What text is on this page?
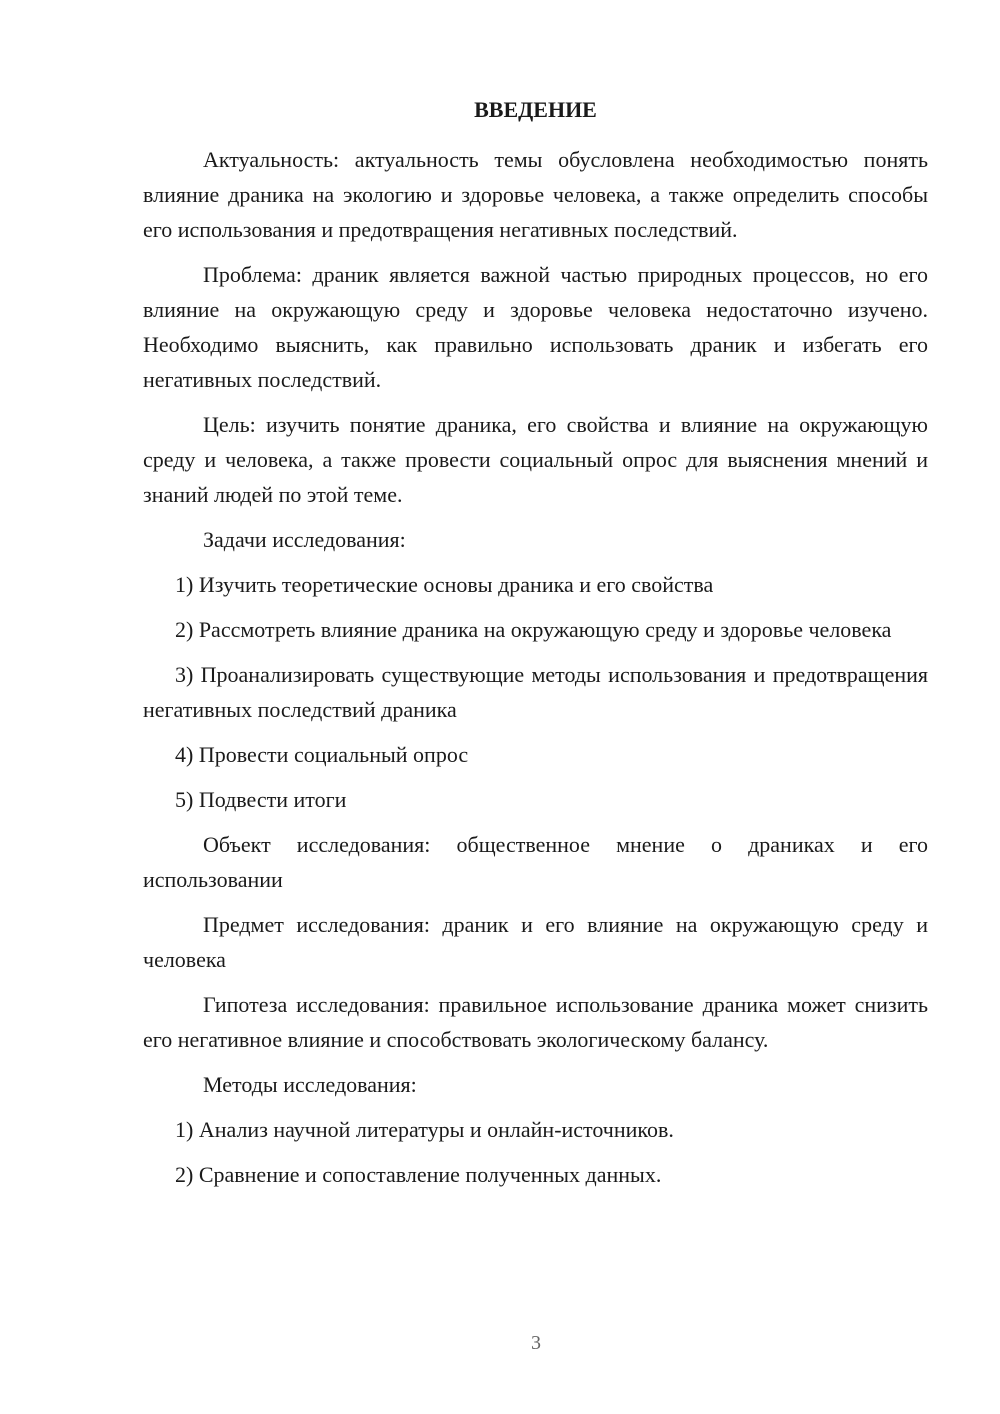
ВВЕДЕНИЕ

Актуальность: актуальность темы обусловлена необходимостью понять влияние драника на экологию и здоровье человека, а также определить способы его использования и предотвращения негативных последствий.

Проблема: драник является важной частью природных процессов, но его влияние на окружающую среду и здоровье человека недостаточно изучено. Необходимо выяснить, как правильно использовать драник и избегать его негативных последствий.

Цель: изучить понятие драника, его свойства и влияние на окружающую среду и человека, а также провести социальный опрос для выяснения мнений и знаний людей по этой теме.

Задачи исследования:

1) Изучить теоретические основы драника и его свойства

2) Рассмотреть влияние драника на окружающую среду и здоровье человека

3) Проанализировать существующие методы использования и предотвращения негативных последствий драника

4) Провести социальный опрос

5) Подвести итоги

Объект исследования: общественное мнение о драниках и его использовании

Предмет исследования: драник и его влияние на окружающую среду и человека

Гипотеза исследования: правильное использование драника может снизить его негативное влияние и способствовать экологическому балансу.

Методы исследования:

1) Анализ научной литературы и онлайн-источников.

2) Сравнение и сопоставление полученных данных.

3
